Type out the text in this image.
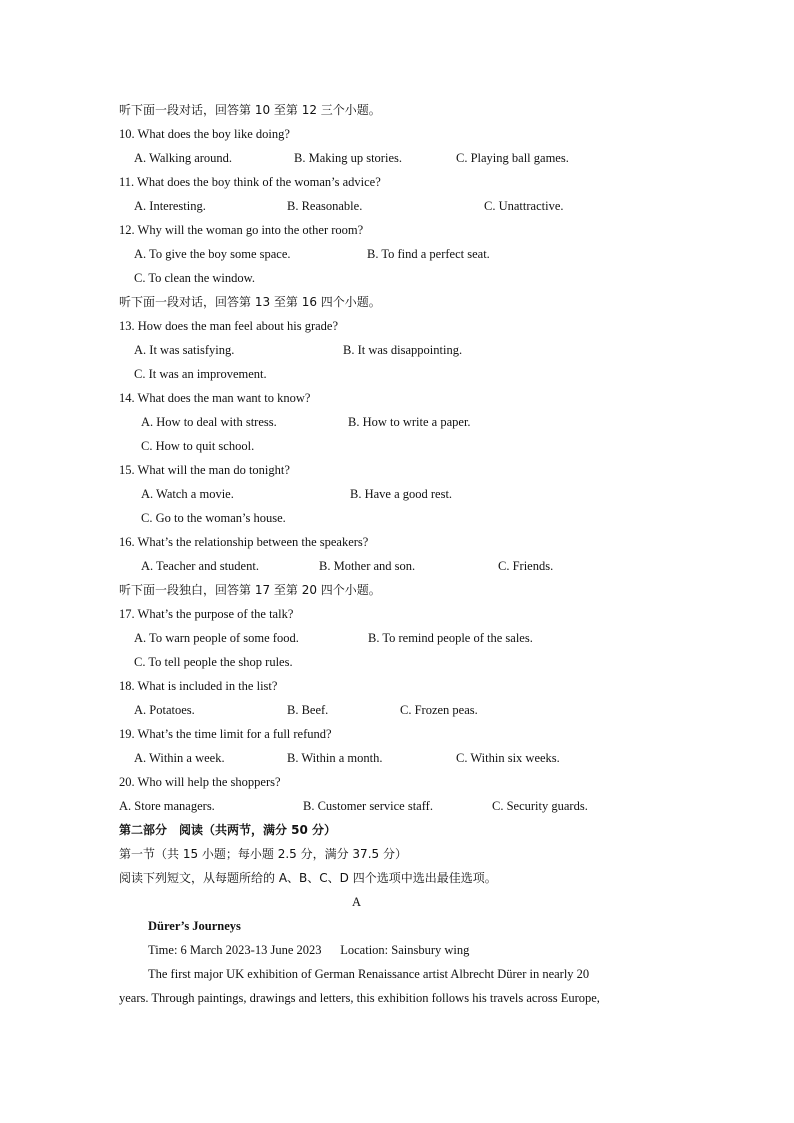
听下面一段对话，回答第 10 至第 12 三个小题。
10. What does the boy like doing?
A. Walking around.	B. Making up stories.	C. Playing ball games.
11. What does the boy think of the woman’s advice?
A. Interesting.	B. Reasonable.	C. Unattractive.
12. Why will the woman go into the other room?
A. To give the boy some space.	B. To find a perfect seat.
C. To clean the window.
听下面一段对话，回答第 13 至第 16 四个小题。
13. How does the man feel about his grade?
A. It was satisfying.	B. It was disappointing.
C. It was an improvement.
14. What does the man want to know?
A. How to deal with stress.	B. How to write a paper.
C. How to quit school.
15. What will the man do tonight?
A. Watch a movie.	B. Have a good rest.
C. Go to the woman’s house.
16. What’s the relationship between the speakers?
A. Teacher and student.	B. Mother and son.	C. Friends.
听下面一段独白，回答第 17 至第 20 四个小题。
17. What’s the purpose of the talk?
A. To warn people of some food.	B. To remind people of the sales.
C. To tell people the shop rules.
18. What is included in the list?
A. Potatoes.	B. Beef.	C. Frozen peas.
19. What’s the time limit for a full refund?
A. Within a week.	B. Within a month.	C. Within six weeks.
20. Who will help the shoppers?
A. Store managers.	B. Customer service staff.	C. Security guards.
第二部分　阅读（共两节，满分 50 分）
第一节（共 15 小题；每小题 2.5 分，满分 37.5 分）
阅读下列短文，从每题所给的 A、B、C、D 四个选项中选出最佳选项。
A
Dürer’s Journeys
Time: 6 March 2023-13 June 2023      Location: Sainsbury wing
The first major UK exhibition of German Renaissance artist Albrecht Dürer in nearly 20
years. Through paintings, drawings and letters, this exhibition follows his travels across Europe,
